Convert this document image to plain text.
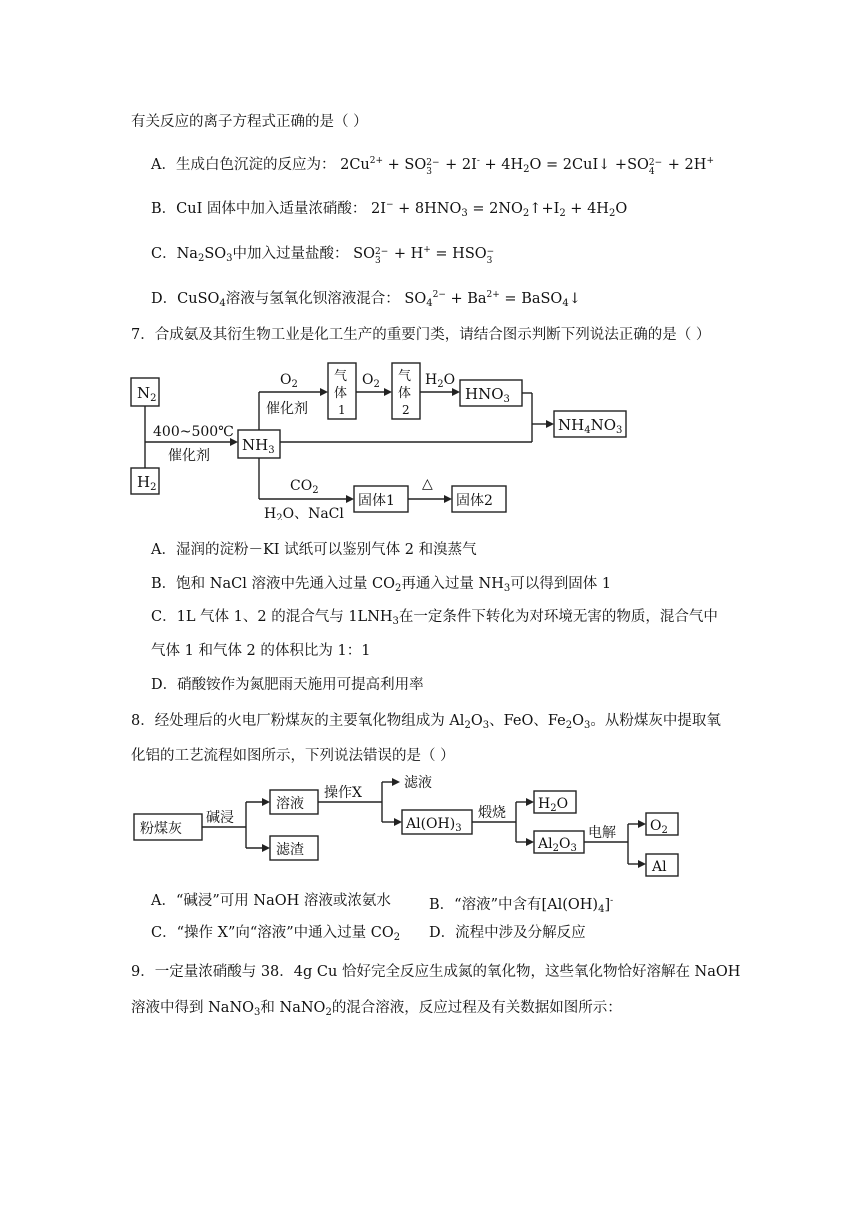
有关反应的离子方程式正确的是（ ）
A．生成白色沉淀的反应为： $2Cu^{2+} + SO2-$
$3 + 2I^- + 4H_2O$ = 2CuI↓ +SO2−
4 + 2H+
B．CuI 固体中加入适量浓硝酸： $2I^- + 8HNO_3$ = $2NO_2↑+I_2 + 4H_2O$
C．$Na_2SO_3$中加入过量盐酸： SO2−
3 + H+ = HSO−
3
D．CuSO$_4$溶液与氢氧化钡溶液混合： $SO_4^{2-} + Ba^{2+}$ = BaSO$_4$↓
7．合成氨及其衍生物工业是化工生产的重要门类，请结合图示判断下列说法正确的是（ ）
$N_2$
$H_2$
400~500℃
催化剂
$NH_3$
$O_2$
催化剂
气
体
1
$O_2$
气
体
2
$H_2O$
$HNO_3$
$NH_4NO_3$
$CO_2$
$H_2O$、NaCl
固体1
△
固体2
A．湿润的淀粉－KI 试纸可以鉴别气体 2 和溴蒸气
B．饱和 NaCl 溶液中先通入过量 $CO_2$再通入过量 $NH_3$可以得到固体 1
C．1L 气体 1、2 的混合气与 $1LNH_3$在一定条件下转化为对环境无害的物质，混合气中
气体 1 和气体 2 的体积比为 1：1
D．硝酸铵作为氮肥雨天施用可提高利用率
8．经处理后的火电厂粉煤灰的主要氧化物组成为 $Al_2O_3$、FeO、$Fe_2O_3$。从粉煤灰中提取氧
化铝的工艺流程如图所示，下列说法错误的是（ ）
粉煤灰
碱浸
溶液
滤渣
操作X
滤液
$Al(OH)_3$
煅烧
$H_2O$
$Al_2O_3$
电解 $O_2$
Al
A．“碱浸”可用 NaOH 溶液或浓氨水	B．“溶液”中含有$[Al(OH)_4]^-$
C．“操作 X”向“溶液”中通入过量 $CO_2$ D．流程中涉及分解反应
9．一定量浓硝酸与 38．4g Cu 恰好完全反应生成氮的氧化物，这些氧化物恰好溶解在 NaOH
溶液中得到 NaNO$_3$和 NaNO$_2$的混合溶液，反应过程及有关数据如图所示：
